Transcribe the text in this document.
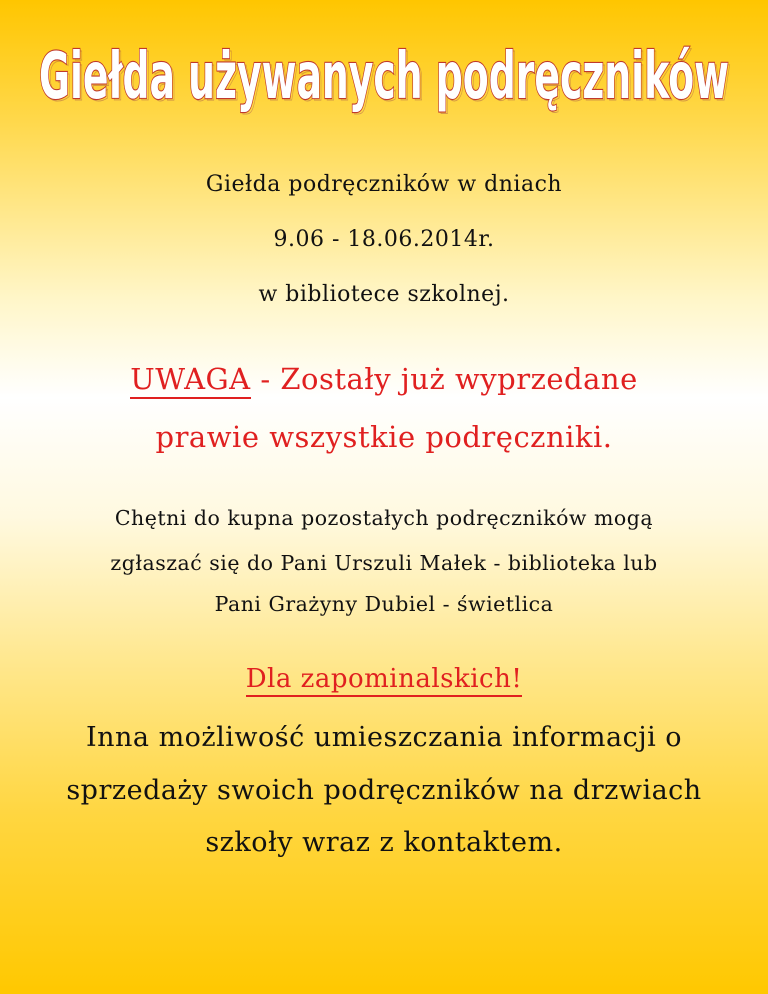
Giełda używanych podręczników
Giełda używanych podręczników
Giełda podręczników w dniach
9.06 - 18.06.2014r.
w bibliotece szkolnej.
UWAGA - Zostały już wyprzedane
prawie wszystkie podręczniki.
Chętni do kupna pozostałych podręczników mogą
zgłaszać się do Pani Urszuli Małek - biblioteka lub
Pani Grażyny Dubiel - świetlica
Dla zapominalskich!
Inna możliwość umieszczania informacji o
sprzedaży swoich podręczników na drzwiach
szkoły wraz z kontaktem.
